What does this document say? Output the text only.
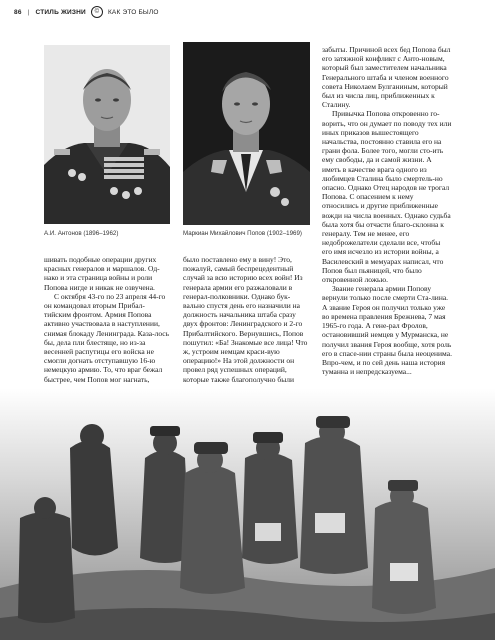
86 | СТИЛЬ ЖИЗНИ	©	КАК ЭТО БЫЛО
А.И. Антонов (1896–1962)	Маркиан Михайлович Попов (1902–1969)

шивать подобные операции других красных генералов и маршалов. Од-нако и эта страница войны и роли Попова нигде и никак не озвучена.

С октября 43-го по 23 апреля 44-го он командовал вторым Прибал-тийским фронтом. Армия Попова активно участвовала в наступлении, снимая блокаду Ленинграда. Каза-лось бы, дела пли блестяще, но из-за весенней распутицы его войска не смогли догнать отступавшую 16-ю немецкую армию. То, что враг бежал быстрее, чем Попов мог нагнать,

было поставлено ему в вину! Это, пожалуй, самый беспрецедентный случай за всю историю всех войн! Из генерала армии его разжаловали в генерал-полковники. Однако бук-вально спустя день его назначили на должность начальника штаба сразу двух фронтов: Ленинградского и 2-го Прибалтийского. Вернувшись, Попов пошутил: «Ба! Знакомые все лица! Что ж, устроим немцам краси-вую операцию!» На этой должности он провел ряд успешных операций, которые также благополучно были

забыты. Причиной всех бед Попова был его затяжной конфликт с Анто-новым, который был заместителем начальника Генерального штаба и членом военного совета Николаем Булганиным, который был из числа лиц, приближенных к Сталину.

Привычка Попова откровенно го-ворить, что он думает по поводу тех или иных приказов вышестоящего начальства, постоянно ставила его на грани фола. Более того, могли сто-ить ему свободы, да и самой жизни. А иметь в качестве врага одного из любимцев Сталина было смертель-но опасно. Однако Отец народов не трогал Попова. С опасением к нему относились и другие приближенные вожди на числа военных. Однако судьба была хотя бы отчасти благо-склонна к генералу. Тем не менее, его недоброжелатели сделали все, чтобы его имя исчезло из истории войны, а Василевский в мемуарах написал, что Попов был пьяницей, что было откровенной ложью.

Звание генерала армии Попову вернули только после смерти Ста-лина. А звание Героя он получил только уже во времена правления Брежнева, 7 мая 1965-го года. А гене-рал Фролов, остановивший немцев у Мурманска, не получил звания Героя вообще, хотя роль его в спасе-нии страны была неоценима. Впро-чем, и по сей день наша история туманна и непредсказуема...
